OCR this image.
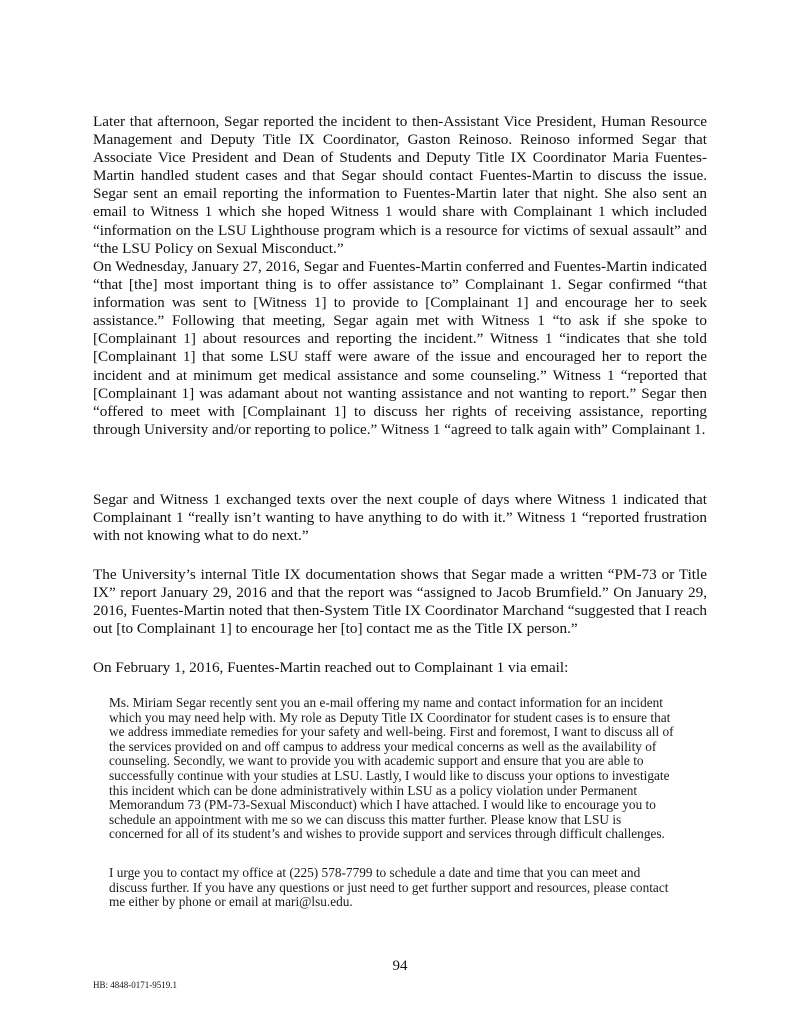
Later that afternoon, Segar reported the incident to then-Assistant Vice President, Human Resource Management and Deputy Title IX Coordinator, Gaston Reinoso. Reinoso informed Segar that Associate Vice President and Dean of Students and Deputy Title IX Coordinator Maria Fuentes-Martin handled student cases and that Segar should contact Fuentes-Martin to discuss the issue. Segar sent an email reporting the information to Fuentes-Martin later that night. She also sent an email to Witness 1 which she hoped Witness 1 would share with Complainant 1 which included “information on the LSU Lighthouse program which is a resource for victims of sexual assault” and “the LSU Policy on Sexual Misconduct.”

On Wednesday, January 27, 2016, Segar and Fuentes-Martin conferred and Fuentes-Martin indicated “that [the] most important thing is to offer assistance to” Complainant 1. Segar confirmed “that information was sent to [Witness 1] to provide to [Complainant 1] and encourage her to seek assistance.” Following that meeting, Segar again met with Witness 1 “to ask if she spoke to [Complainant 1] about resources and reporting the incident.” Witness 1 “indicates that she told [Complainant 1] that some LSU staff were aware of the issue and encouraged her to report the incident and at minimum get medical assistance and some counseling.” Witness 1 “reported that [Complainant 1] was adamant about not wanting assistance and not wanting to report.” Segar then “offered to meet with [Complainant 1] to discuss her rights of receiving assistance, reporting through University and/or reporting to police.” Witness 1 “agreed to talk again with” Complainant 1.

Segar and Witness 1 exchanged texts over the next couple of days where Witness 1 indicated that Complainant 1 “really isn’t wanting to have anything to do with it.” Witness 1 “reported frustration with not knowing what to do next.”

The University’s internal Title IX documentation shows that Segar made a written “PM-73 or Title IX” report January 29, 2016 and that the report was “assigned to Jacob Brumfield.” On January 29, 2016, Fuentes-Martin noted that then-System Title IX Coordinator Marchand “suggested that I reach out [to Complainant 1] to encourage her [to] contact me as the Title IX person.”

On February 1, 2016, Fuentes-Martin reached out to Complainant 1 via email:

Ms. Miriam Segar recently sent you an e-mail offering my name and contact information for an incident which you may need help with. My role as Deputy Title IX Coordinator for student cases is to ensure that we address immediate remedies for your safety and well-being. First and foremost, I want to discuss all of the services provided on and off campus to address your medical concerns as well as the availability of counseling. Secondly, we want to provide you with academic support and ensure that you are able to successfully continue with your studies at LSU. Lastly, I would like to discuss your options to investigate this incident which can be done administratively within LSU as a policy violation under Permanent Memorandum 73 (PM-73-Sexual Misconduct) which I have attached. I would like to encourage you to schedule an appointment with me so we can discuss this matter further. Please know that LSU is concerned for all of its student’s and wishes to provide support and services through difficult challenges.

I urge you to contact my office at (225) 578-7799 to schedule a date and time that you can meet and discuss further. If you have any questions or just need to get further support and resources, please contact me either by phone or email at mari@lsu.edu.

94
HB: 4848-0171-9519.1
